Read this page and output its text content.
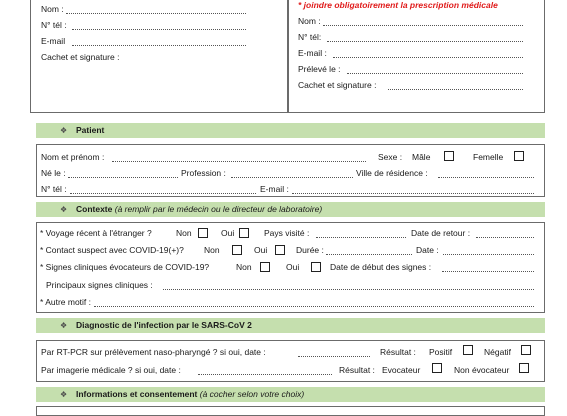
Nom :
N° tél :
E-mail
Cachet et signature :
* joindre obligatoirement la prescription médicale
Nom :
N° tél:
E-mail :
Prélevé le :
Cachet et signature :
❖ Patient
Nom et prénom :	Sexe : Mâle	Femelle
Né le :	Profession :	Ville de résidence :
N° tél :	E-mail :
❖ Contexte (à remplir par le médecin ou le directeur de laboratoire)
* Voyage récent à l'étranger ?	Non	Oui	Pays visité :	Date de retour :
* Contact suspect avec COVID-19(+)? Non	Oui	Durée :	Date :
* Signes cliniques évocateurs de COVID-19?	Non	Oui	Date de début des signes :
Principaux signes cliniques :
* Autre motif :
❖ Diagnostic de l'infection par le SARS-CoV 2
Par RT-PCR sur prélèvement naso-pharyngé ? si oui, date :	Résultat : Positif	Négatif
Par imagerie médicale ? si oui, date :	Résultat : Evocateur	Non évocateur
❖ Informations et consentement (à cocher selon votre choix)
